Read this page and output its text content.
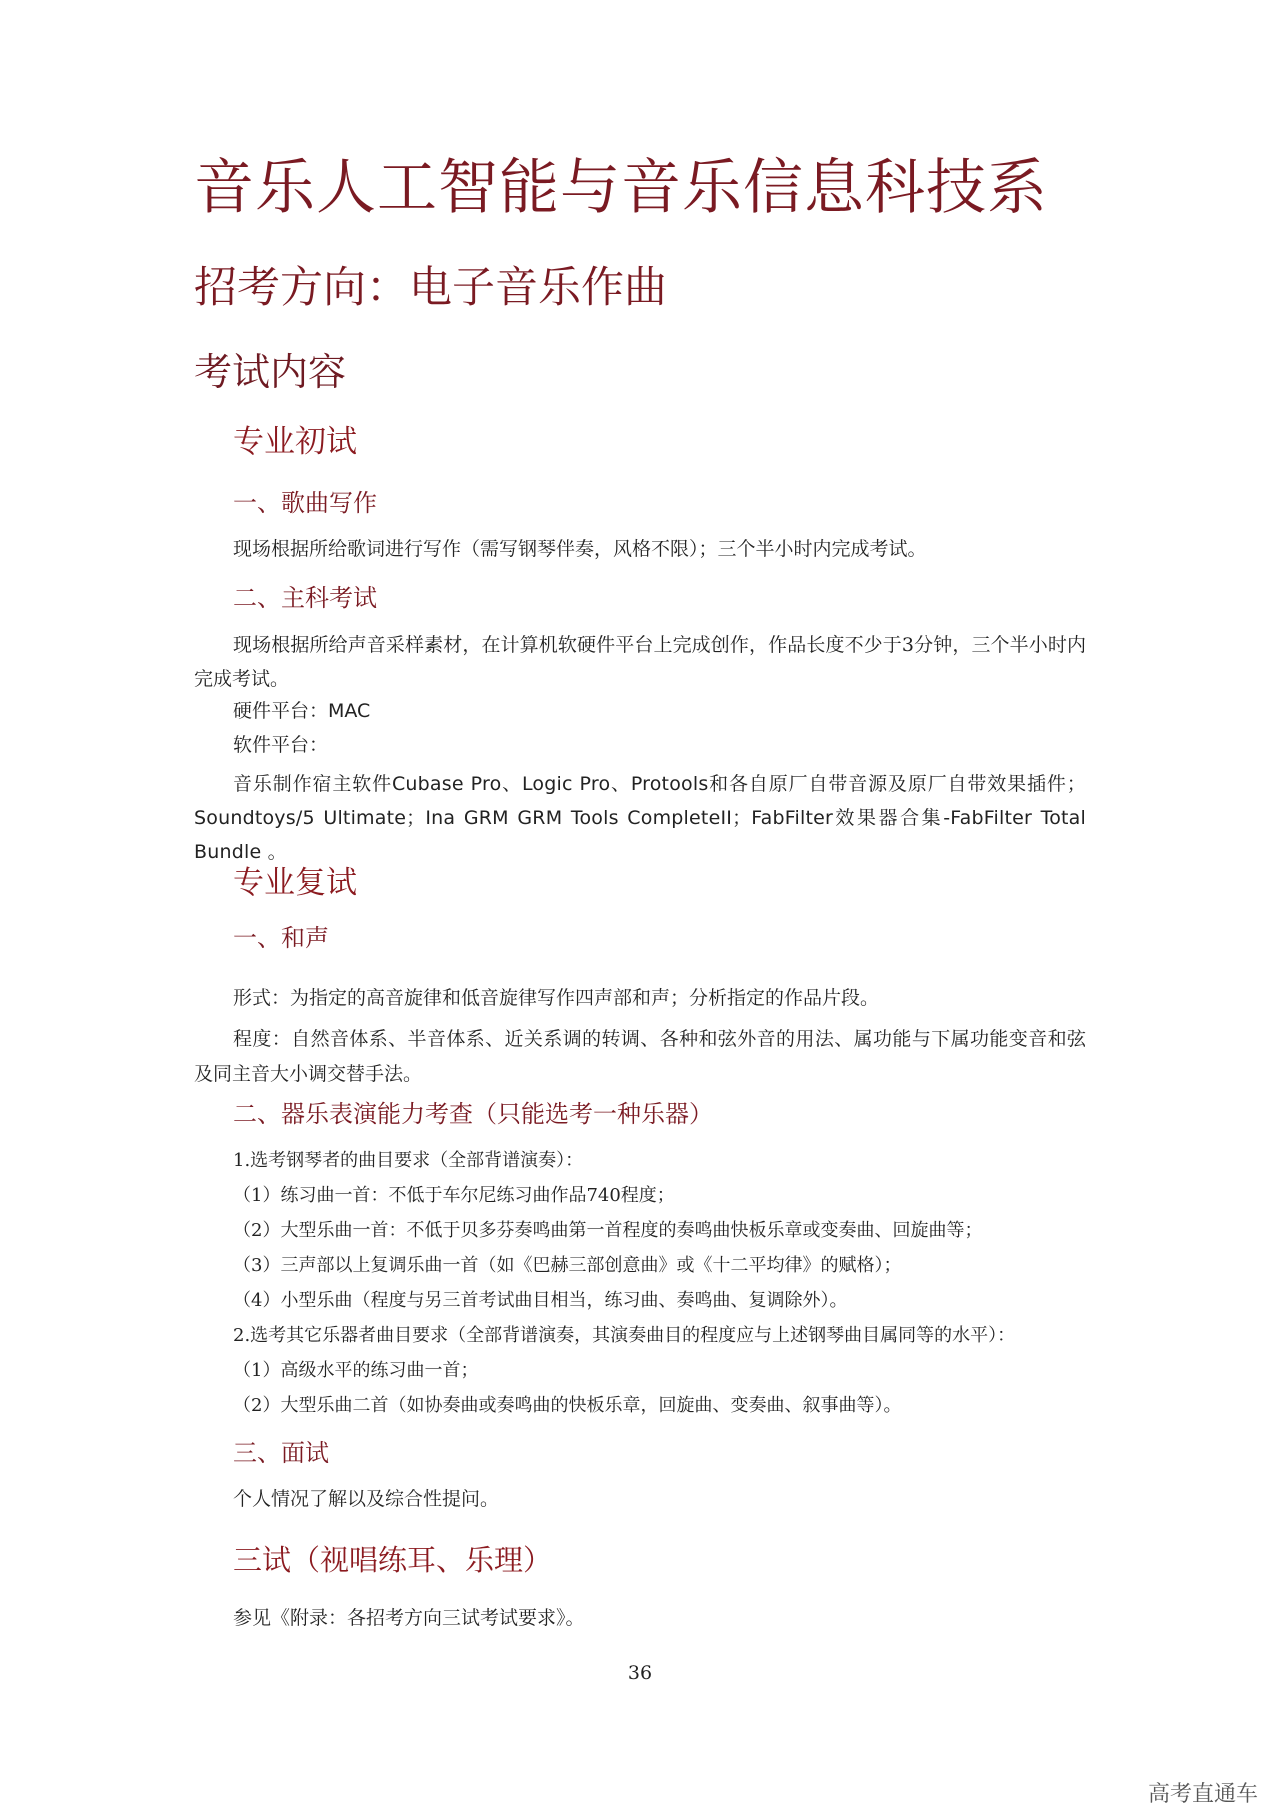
音乐人工智能与音乐信息科技系
招考方向：电子音乐作曲
考试内容
专业初试
一、歌曲写作
现场根据所给歌词进行写作（需写钢琴伴奏，风格不限）；三个半小时内完成考试。
二、主科考试
现场根据所给声音采样素材，在计算机软硬件平台上完成创作，作品长度不少于3分钟，三个半小时内完成考试。
硬件平台：MAC
软件平台：
音乐制作宿主软件Cubase Pro、Logic Pro、Protools和各自原厂自带音源及原厂自带效果插件；Soundtoys/5 Ultimate；Ina GRM GRM Tools CompleteII；FabFilter效果器合集-FabFilter Total Bundle 。
专业复试
一、和声
形式：为指定的高音旋律和低音旋律写作四声部和声；分析指定的作品片段。
程度：自然音体系、半音体系、近关系调的转调、各种和弦外音的用法、属功能与下属功能变音和弦及同主音大小调交替手法。
二、器乐表演能力考查（只能选考一种乐器）
1.选考钢琴者的曲目要求（全部背谱演奏）：
（1）练习曲一首：不低于车尔尼练习曲作品740程度；
（2）大型乐曲一首：不低于贝多芬奏鸣曲第一首程度的奏鸣曲快板乐章或变奏曲、回旋曲等；
（3）三声部以上复调乐曲一首（如《巴赫三部创意曲》或《十二平均律》的赋格）；
（4）小型乐曲（程度与另三首考试曲目相当，练习曲、奏鸣曲、复调除外）。
2.选考其它乐器者曲目要求（全部背谱演奏，其演奏曲目的程度应与上述钢琴曲目属同等的水平）：
（1）高级水平的练习曲一首；
（2）大型乐曲二首（如协奏曲或奏鸣曲的快板乐章，回旋曲、变奏曲、叙事曲等）。
三、面试
个人情况了解以及综合性提问。
三试（视唱练耳、乐理）
参见《附录：各招考方向三试考试要求》。
36
高考直通车
